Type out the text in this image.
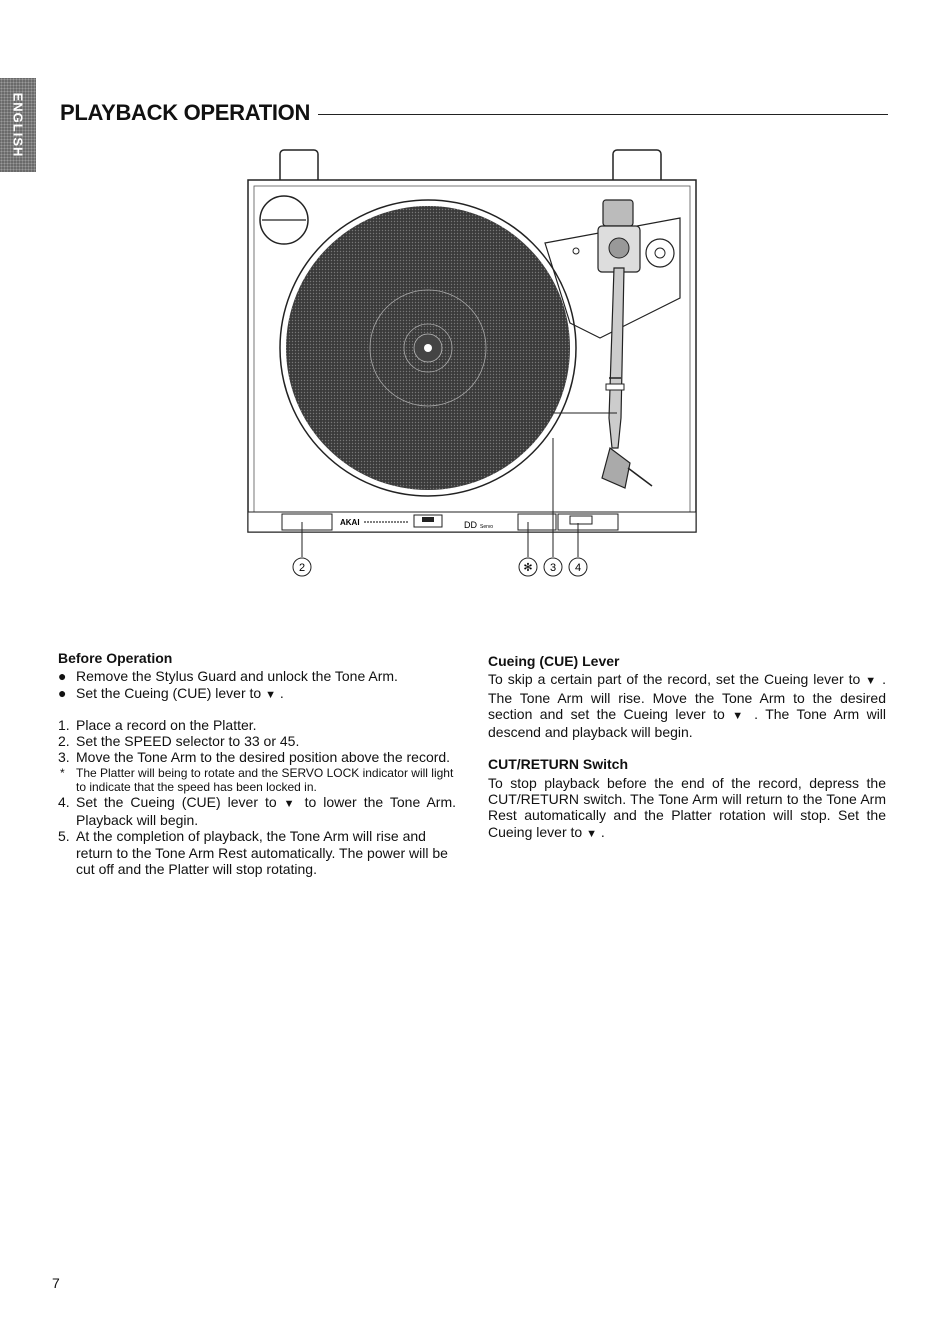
ENGLISH PLAYBACK OPERATION
AKAI	DD Servo
2	✻ 3 4
Before Operation
● Remove the Stylus Guard and unlock the Tone Arm.
● Set the Cueing (CUE) lever to ▼ .
1. Place a record on the Platter.
2. Set the SPEED selector to 33 or 45.
3. Move the Tone Arm to the desired position above the record.
* The Platter will being to rotate and the SERVO LOCK indicator will light to indicate that the speed has been locked in.
4. Set the Cueing (CUE) lever to ▼ to lower the Tone Arm. Playback will begin.
5. At the completion of playback, the Tone Arm will rise and return to the Tone Arm Rest automatically. The power will be cut off and the Platter will stop rotating.
Cueing (CUE) Lever
To skip a certain part of the record, set the Cueing lever to ▼ . The Tone Arm will rise. Move the Tone Arm to the desired section and set the Cueing lever to ▼ . The Tone Arm will descend and playback will begin.
CUT/RETURN Switch
To stop playback before the end of the record, depress the CUT/RETURN switch. The Tone Arm will return to the Tone Arm Rest automatically and the Platter rotation will stop. Set the Cueing lever to ▼ .
7
